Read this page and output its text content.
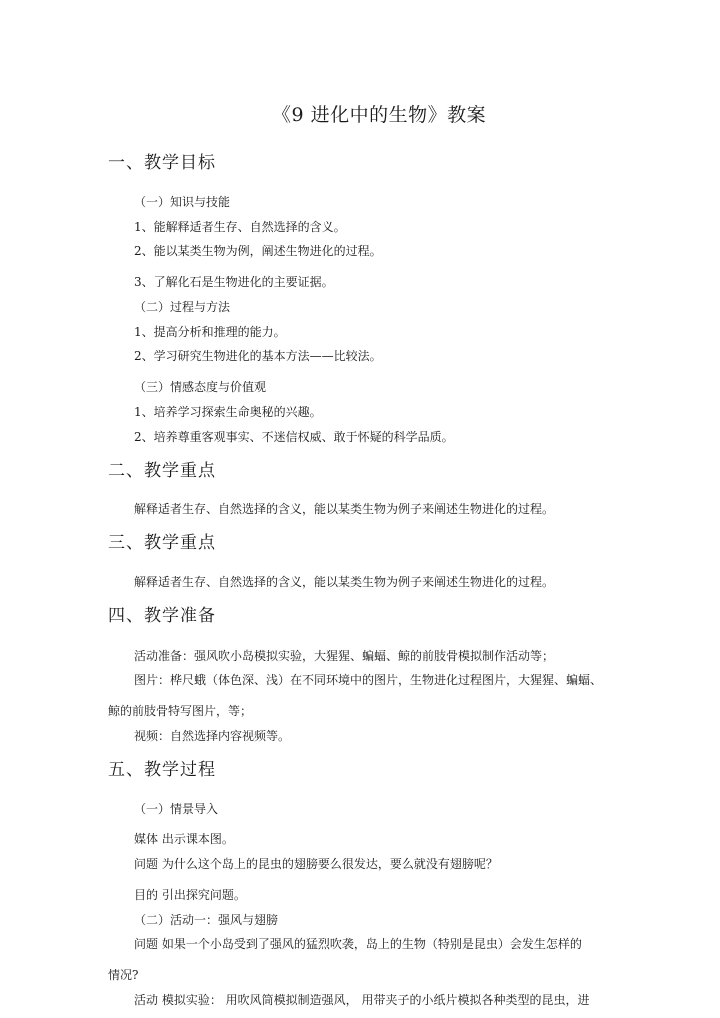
《9 进化中的生物》教案
一、教学目标
（一）知识与技能
1、能解释适者生存、自然选择的含义。
2、能以某类生物为例，阐述生物进化的过程。
3、了解化石是生物进化的主要证据。
（二）过程与方法
1、提高分析和推理的能力。
2、学习研究生物进化的基本方法——比较法。
（三）情感态度与价值观
1、培养学习探索生命奥秘的兴趣。
2、培养尊重客观事实、不迷信权威、敢于怀疑的科学品质。
二、教学重点
解释适者生存、自然选择的含义，能以某类生物为例子来阐述生物进化的过程。
三、教学重点
解释适者生存、自然选择的含义，能以某类生物为例子来阐述生物进化的过程。
四、教学准备
活动准备：强风吹小岛模拟实验，大猩猩、蝙蝠、鲸的前肢骨模拟制作活动等；
图片：桦尺蛾（体色深、浅）在不同环境中的图片，生物进化过程图片，大猩猩、蝙蝠、
鲸的前肢骨特写图片，等；
视频：自然选择内容视频等。
五、教学过程
（一）情景导入
媒体 出示课本图。
问题 为什么这个岛上的昆虫的翅膀要么很发达，要么就没有翅膀呢？
目的 引出探究问题。
（二）活动一：强风与翅膀
问题 如果一个小岛受到了强风的猛烈吹袭，岛上的生物（特别是昆虫）会发生怎样的
情况?
活动 模拟实验： 用吹风筒模拟制造强风， 用带夹子的小纸片模拟各种类型的昆虫，进
